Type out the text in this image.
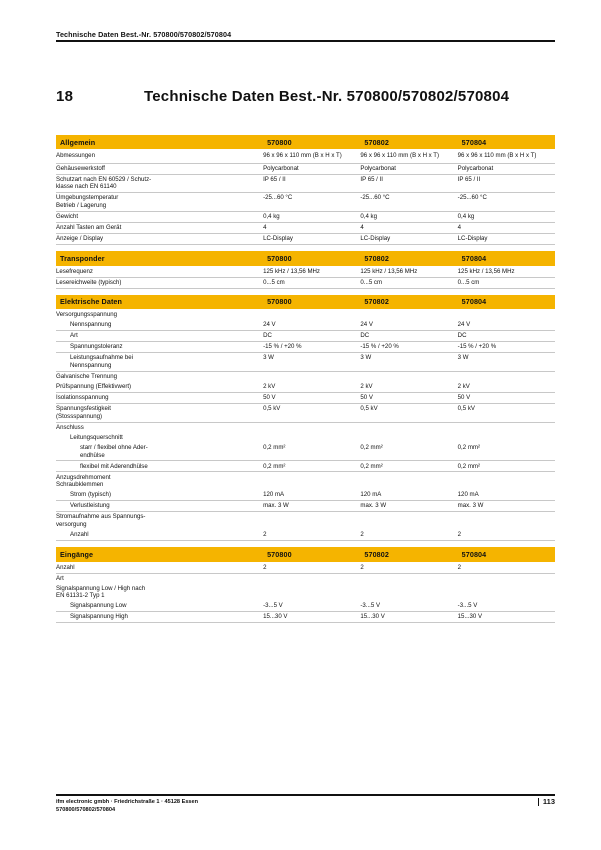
Technische Daten Best.-Nr. 570800/570802/570804
18	Technische Daten Best.-Nr. 570800/570802/570804
Allgemein	570800	570802	570804
Abmessungen	96 x 96 x 110 mm (B x H x T)	96 x 96 x 110 mm (B x H x T)	96 x 96 x 110 mm (B x H x T)

Gehäusewerkstoff	Polycarbonat	Polycarbonat	Polycarbonat
Schutzart nach EN 60529 / Schutz-
klasse nach EN 61140	IP 65 / II	IP 65 / II	IP 65 / II
Umgebungstemperatur
Betrieb / Lagerung	-25...60 °C	-25...60 °C	-25...60 °C
Gewicht	0,4 kg	0,4 kg	0,4 kg
Anzahl Tasten am Gerät	4	4	4
Anzeige / Display	LC-Display	LC-Display	LC-Display

Transponder	570800	570802	570804
Lesefrequenz	125 kHz / 13,56 MHz	125 kHz / 13,56 MHz	125 kHz / 13,56 MHz
Lesereichweite (typisch)	0...5 cm	0...5 cm	0...5 cm

Elektrische Daten	570800	570802	570804
Versorgungsspannung			
Nennspannung	24 V	24 V	24 V
Art	DC	DC	DC
Spannungstoleranz	-15 % / +20 %	-15 % / +20 %	-15 % / +20 %
Leistungsaufnahme bei
Nennspannung	3 W	3 W	3 W
Galvanische Trennung			
Prüfspannung (Effektivwert)	2 kV	2 kV	2 kV
Isolationsspannung	50 V	50 V	50 V
Spannungsfestigkeit
(Stossspannung)	0,5 kV	0,5 kV	0,5 kV
Anschluss			
Leitungsquerschnitt			
starr / flexibel ohne Ader-
endhülse	0,2 mm²	0,2 mm²	0,2 mm²
flexibel mit Aderendhülse	0,2 mm²	0,2 mm²	0,2 mm²
Anzugsdrehmoment
Schraubklemmen			
Strom (typisch)	120 mA	120 mA	120 mA
Verlustleistung	max. 3 W	max. 3 W	max. 3 W
Stromaufnahme aus Spannungs-
versorgung			
Anzahl	2	2	2

Eingänge	570800	570802	570804
Anzahl	2	2	2
Art			
Signalspannung Low / High nach
EN 61131-2 Typ 1			
Signalspannung Low	-3...5 V	-3...5 V	-3...5 V
Signalspannung High	15...30 V	15...30 V	15...30 V
ifm electronic gmbh · Friedrichstraße 1 · 45128 Essen
570800/570802/570804
113
